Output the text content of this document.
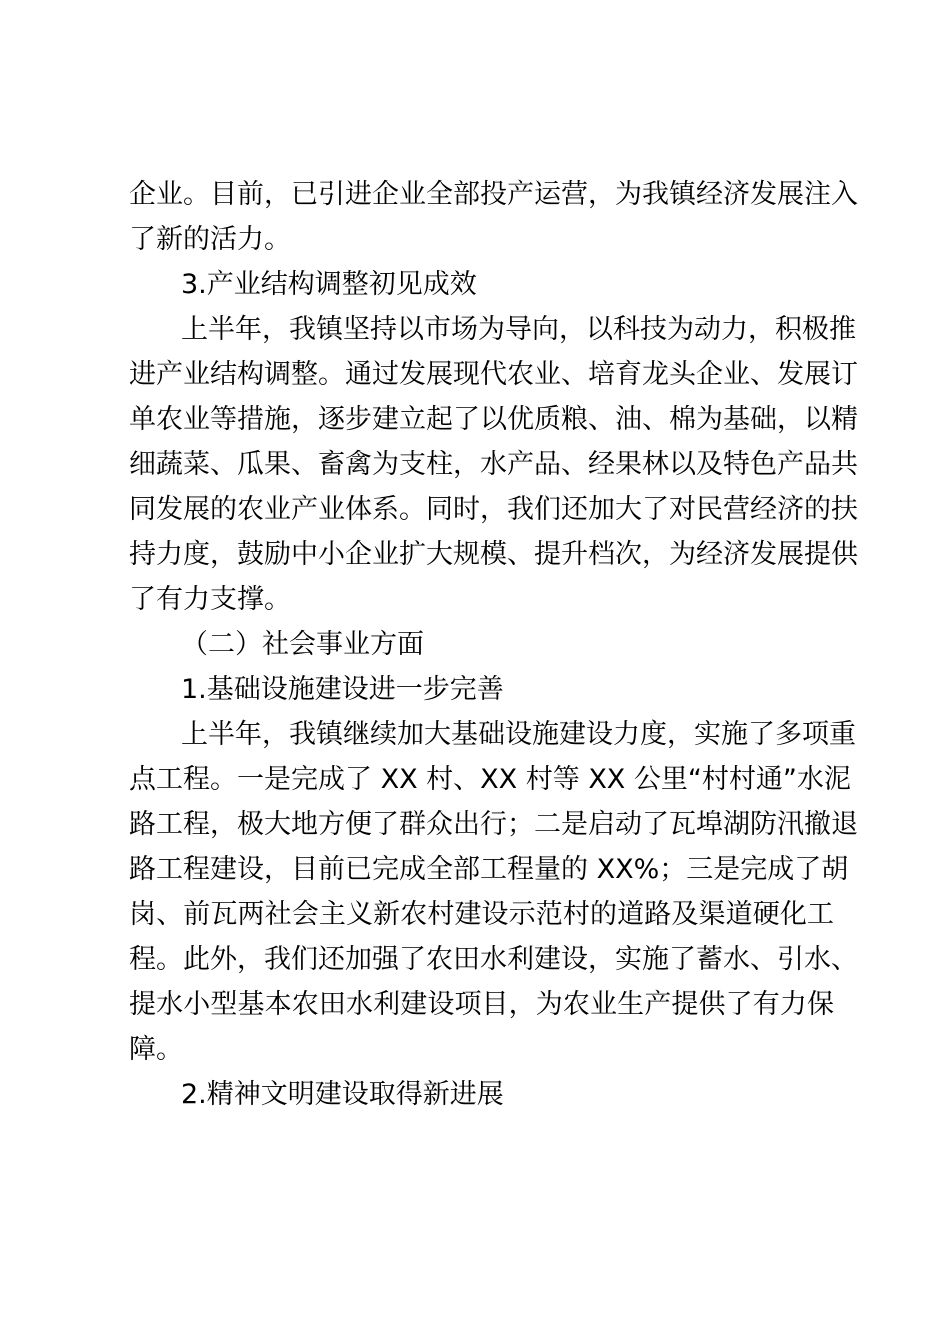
企业。目前，已引进企业全部投产运营，为我镇经济发展注入
了新的活力。
3.产业结构调整初见成效
上半年，我镇坚持以市场为导向，以科技为动力，积极推
进产业结构调整。通过发展现代农业、培育龙头企业、发展订
单农业等措施，逐步建立起了以优质粮、油、棉为基础，以精
细蔬菜、瓜果、畜禽为支柱，水产品、经果林以及特色产品共
同发展的农业产业体系。同时，我们还加大了对民营经济的扶
持力度，鼓励中小企业扩大规模、提升档次，为经济发展提供
了有力支撑。
（二）社会事业方面
1.基础设施建设进一步完善
上半年，我镇继续加大基础设施建设力度，实施了多项重
点工程。一是完成了 XX 村、XX 村等 XX 公里“村村通”水泥
路工程，极大地方便了群众出行；二是启动了瓦埠湖防汛撤退
路工程建设，目前已完成全部工程量的 XX%；三是完成了胡
岗、前瓦两社会主义新农村建设示范村的道路及渠道硬化工
程。此外，我们还加强了农田水利建设，实施了蓄水、引水、
提水小型基本农田水利建设项目，为农业生产提供了有力保
障。
2.精神文明建设取得新进展
